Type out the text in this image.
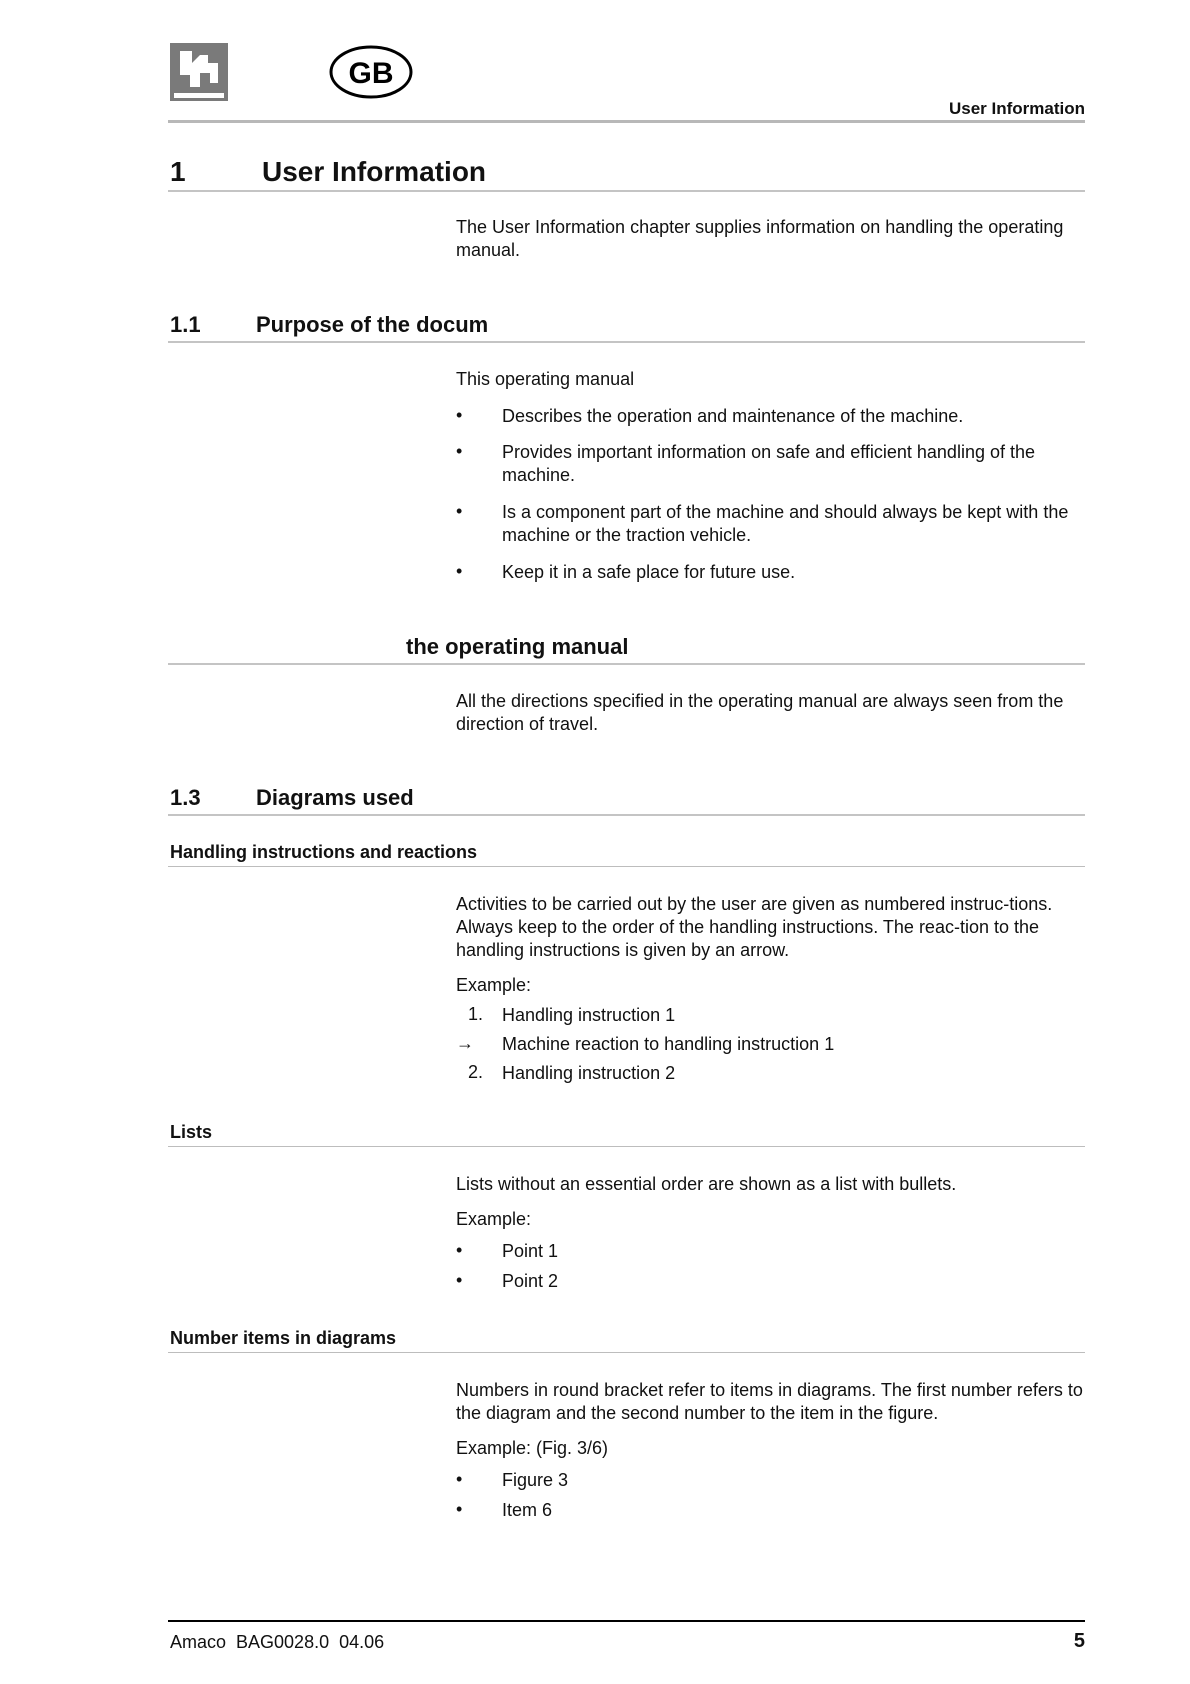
GB
User Information
1	User Information
The User Information chapter supplies information on handling the operating manual.
1.1	Purpose of the docum
This operating manual
• Describes the operation and maintenance of the machine.
• Provides important information on safe and efficient handling of the machine.
• Is a component part of the machine and should always be kept with the machine or the traction vehicle.
• Keep it in a safe place for future use.
the operating manual
All the directions specified in the operating manual are always seen from the direction of travel.
1.3	Diagrams used
Handling instructions and reactions
Activities to be carried out by the user are given as numbered instruc-tions. Always keep to the order of the handling instructions. The reac-tion to the handling instructions is given by an arrow.
Example:
1. Handling instruction 1
→ Machine reaction to handling instruction 1
2. Handling instruction 2
Lists
Lists without an essential order are shown as a list with bullets.
Example:
• Point 1
• Point 2
Number items in diagrams
Numbers in round bracket refer to items in diagrams. The first number refers to the diagram and the second number to the item in the figure.
Example: (Fig. 3/6)
• Figure 3
• Item 6
Amaco  BAG0028.0  04.06	5
